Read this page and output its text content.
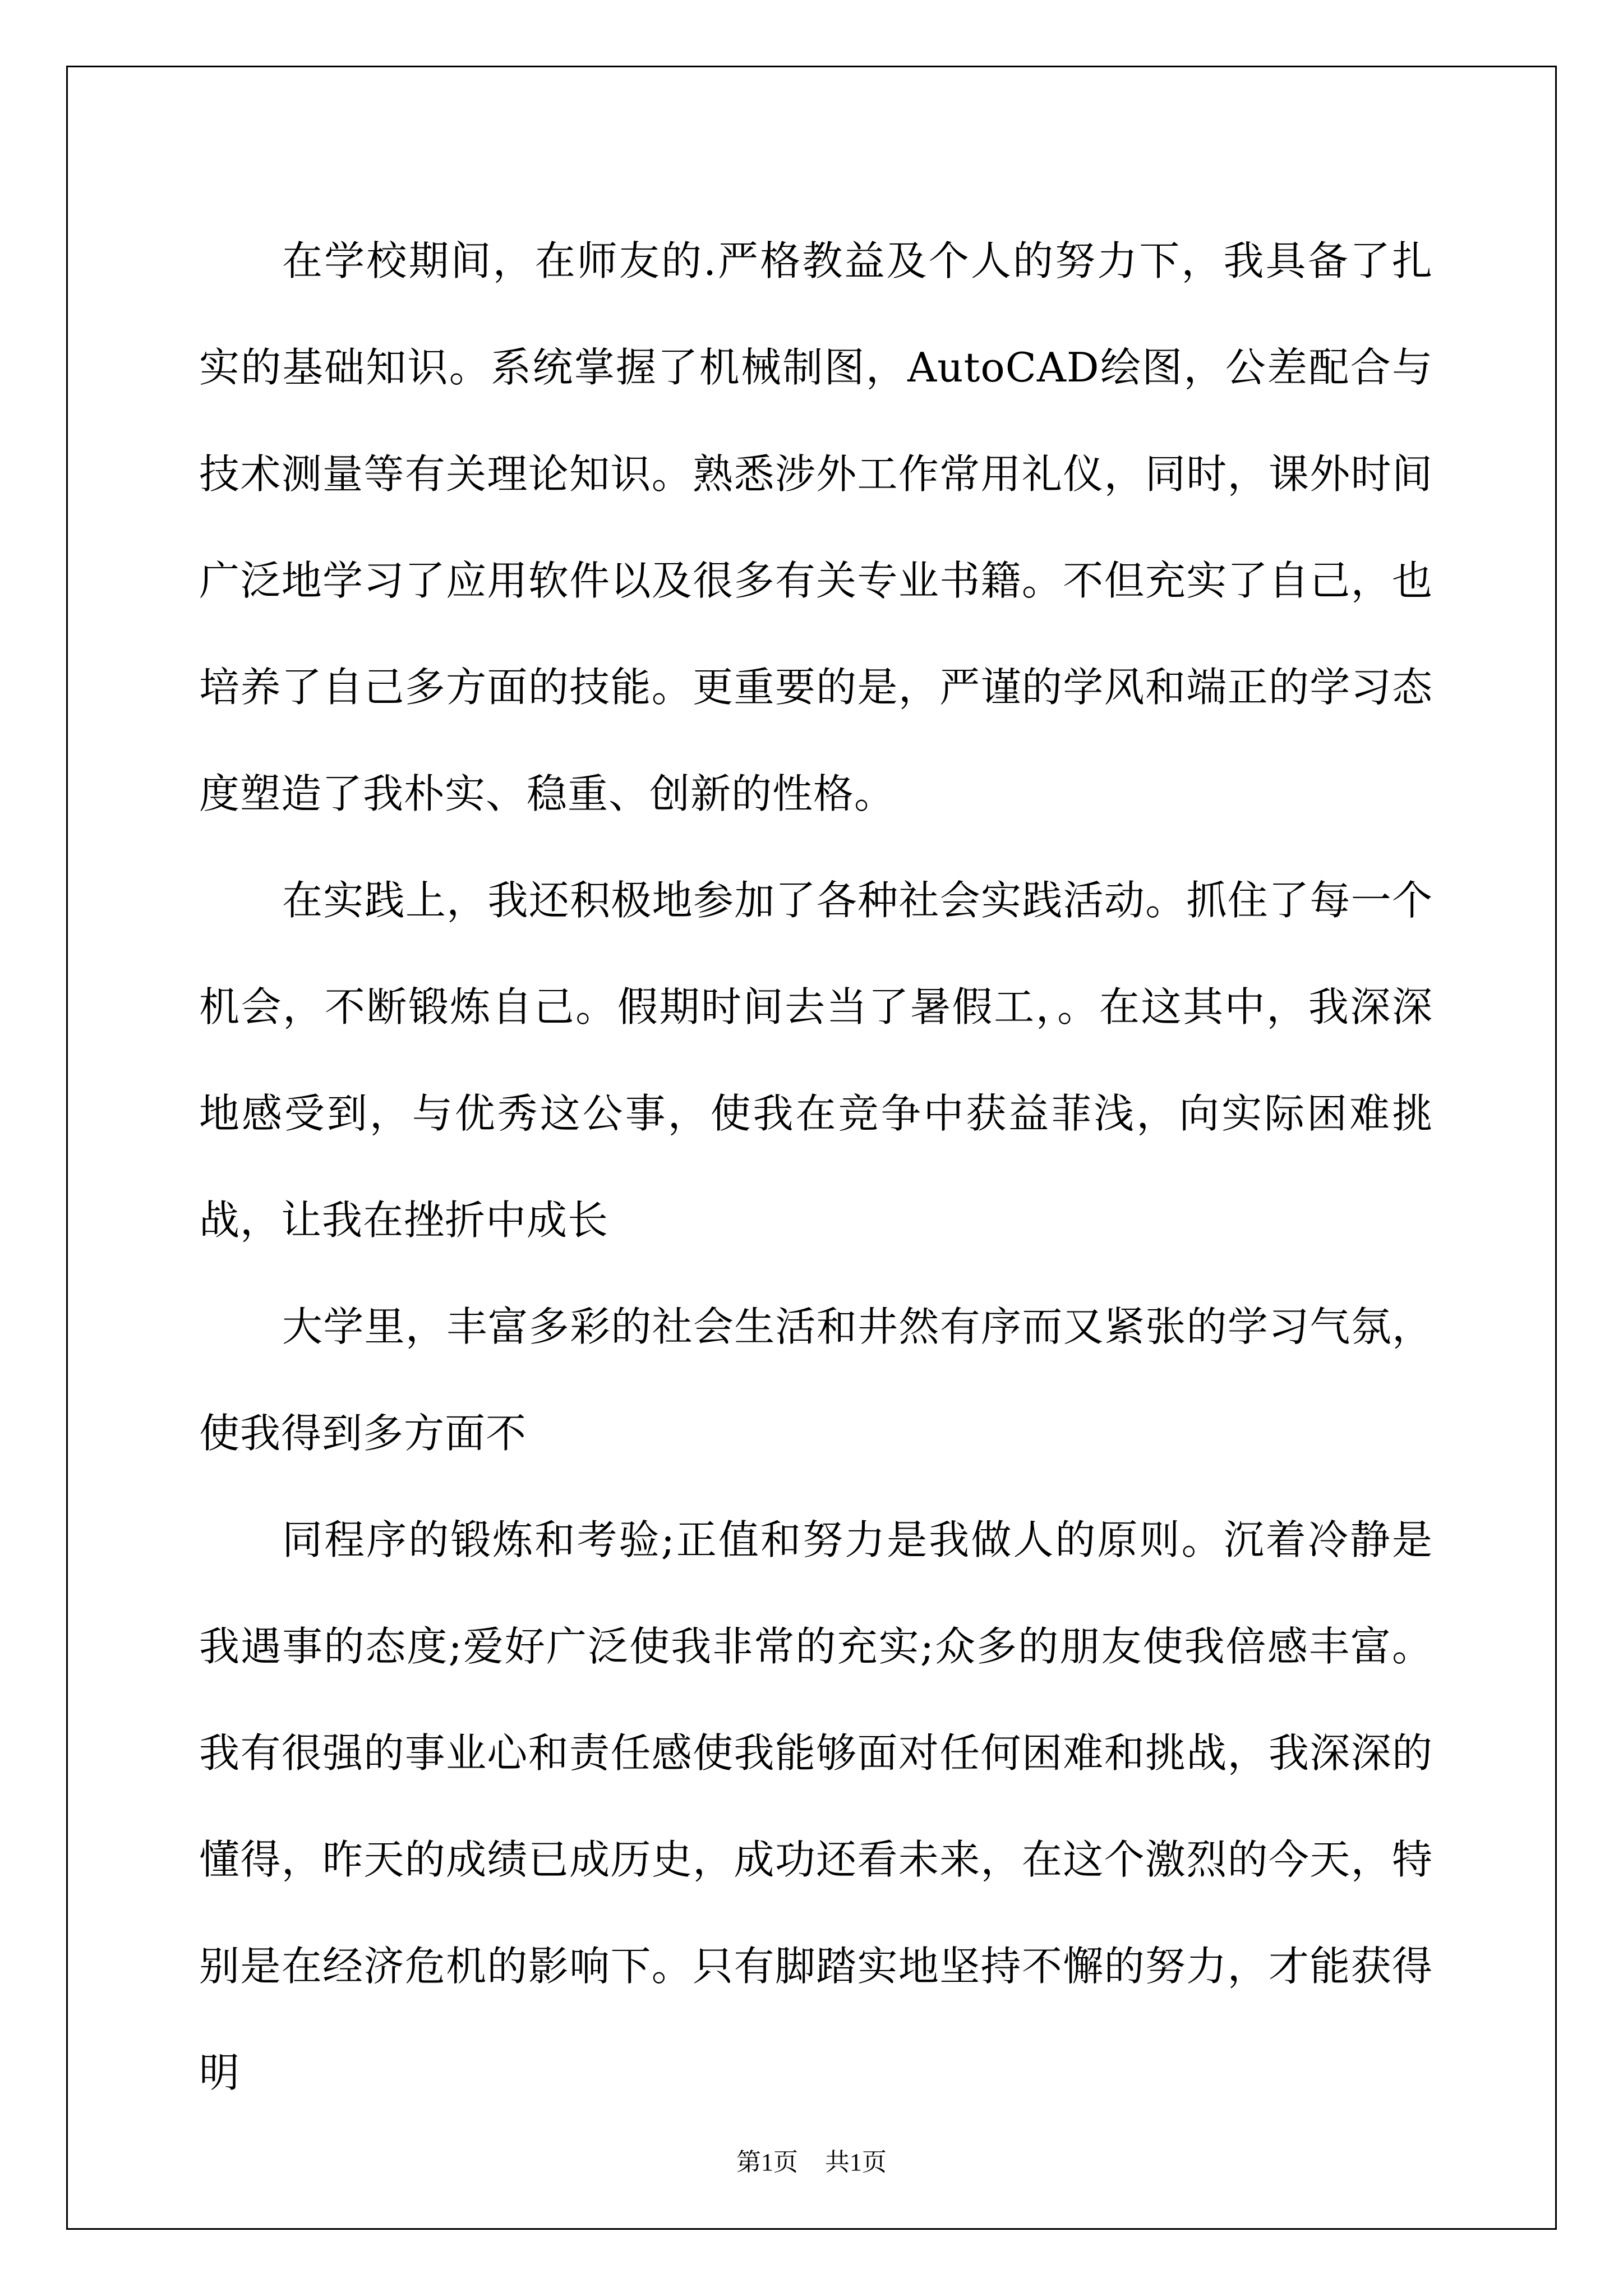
在学校期间，在师友的.严格教益及个人的努力下，我具备了扎实的基础知识。系统掌握了机械制图，AutoCAD绘图，公差配合与技术测量等有关理论知识。熟悉涉外工作常用礼仪，同时，课外时间广泛地学习了应用软件以及很多有关专业书籍。不但充实了自己，也培养了自己多方面的技能。更重要的是，严谨的学风和端正的学习态度塑造了我朴实、稳重、创新的性格。

在实践上，我还积极地参加了各种社会实践活动。抓住了每一个机会，不断锻炼自己。假期时间去当了暑假工，。在这其中，我深深地感受到，与优秀这公事，使我在竞争中获益菲浅，向实际困难挑战，让我在挫折中成长

大学里，丰富多彩的社会生活和井然有序而又紧张的学习气氛，使我得到多方面不

同程序的锻炼和考验;正值和努力是我做人的原则。沉着冷静是我遇事的态度;爱好广泛使我非常的充实;众多的朋友使我倍感丰富。我有很强的事业心和责任感使我能够面对任何困难和挑战，我深深的懂得，昨天的成绩已成历史，成功还看未来，在这个激烈的今天，特别是在经济危机的影响下。只有脚踏实地坚持不懈的努力，才能获得明

第1页 共1页
